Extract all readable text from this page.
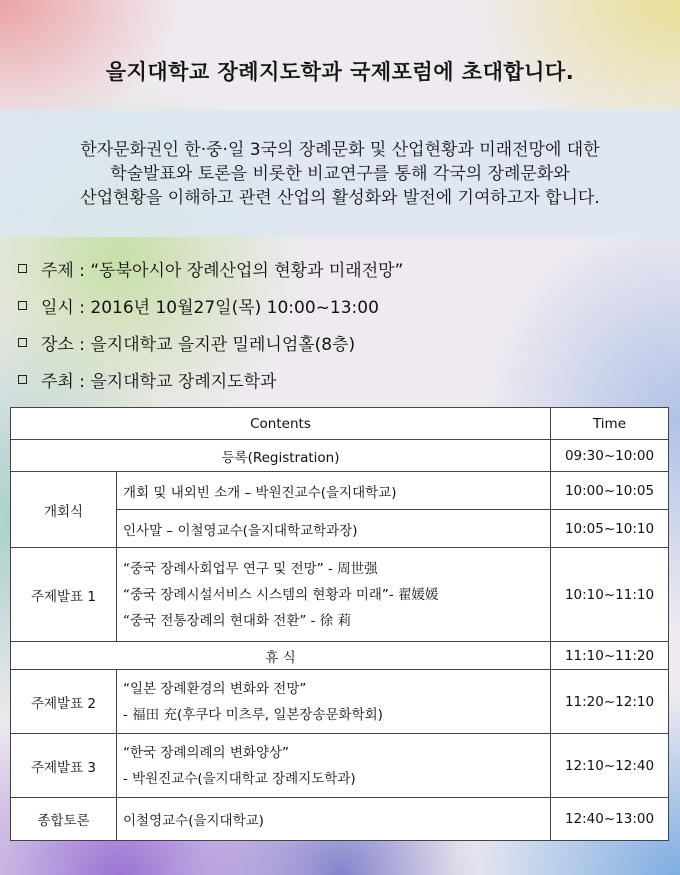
을지대학교 장례지도학과 국제포럼에 초대합니다.
한자문화권인 한·중·일 3국의 장례문화 및 산업현황과 미래전망에 대한
학술발표와 토론을 비롯한 비교연구를 통해 각국의 장례문화와
산업현황을 이해하고 관련 산업의 활성화와 발전에 기여하고자 합니다.
주제 : “동북아시아 장례산업의 현황과 미래전망”
일시 : 2016년 10월27일(목) 10:00~13:00
장소 : 을지대학교 을지관 밀레니엄홀(8층)
주최 : 을지대학교 장례지도학과
Contents		Time
등록(Registration)		09:30~10:00
개회식	개회 및 내외빈 소개 – 박원진교수(을지대학교)	10:00~10:05
	인사말 – 이철영교수(을지대학교학과장)	10:05~10:10
주제발표 1	“중국 장례사회업무 연구 및 전망” - 周世强
“중국 장례시설서비스 시스템의 현황과 미래”- 翟媛媛
“중국 전통장례의 현대화 전환” - 徐 莉	10:10~11:10
휴 식		11:10~11:20
주제발표 2	“일본 장례환경의 변화와 전망”
- 福田 充(후쿠다 미츠루, 일본장송문화학회)	11:20~12:10
주제발표 3	“한국 장례의례의 변화양상”
- 박원진교수(을지대학교 장례지도학과)	12:10~12:40
종합토론	이철영교수(을지대학교)	12:40~13:00
